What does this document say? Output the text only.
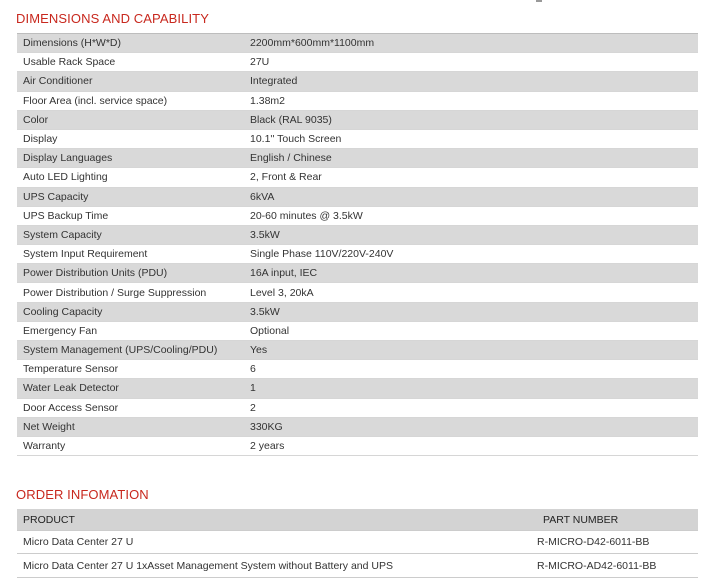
DIMENSIONS AND CAPABILITY
Dimensions (H*W*D)	2200mm*600mm*1100mm
Usable Rack Space	27U
Air Conditioner	Integrated
Floor Area (incl. service space)	1.38m2
Color	Black (RAL 9035)
Display	10.1'' Touch Screen
Display Languages	English / Chinese
Auto LED Lighting	2, Front & Rear
UPS Capacity	6kVA
UPS Backup Time	20-60 minutes @ 3.5kW
System Capacity	3.5kW
System Input Requirement	Single Phase 110V/220V-240V
Power Distribution Units (PDU)	16A input, IEC
Power Distribution / Surge Suppression	Level 3, 20kA
Cooling Capacity	3.5kW
Emergency Fan	Optional
System Management (UPS/Cooling/PDU)	Yes
Temperature Sensor	6
Water Leak Detector	1
Door Access Sensor	2
Net Weight	330KG
Warranty	2 years
ORDER INFOMATION
PRODUCT	PART NUMBER
Micro Data Center 27 U	R-MICRO-D42-6011-BB
Micro Data Center 27 U 1xAsset Management System without Battery and UPS	R-MICRO-AD42-6011-BB
